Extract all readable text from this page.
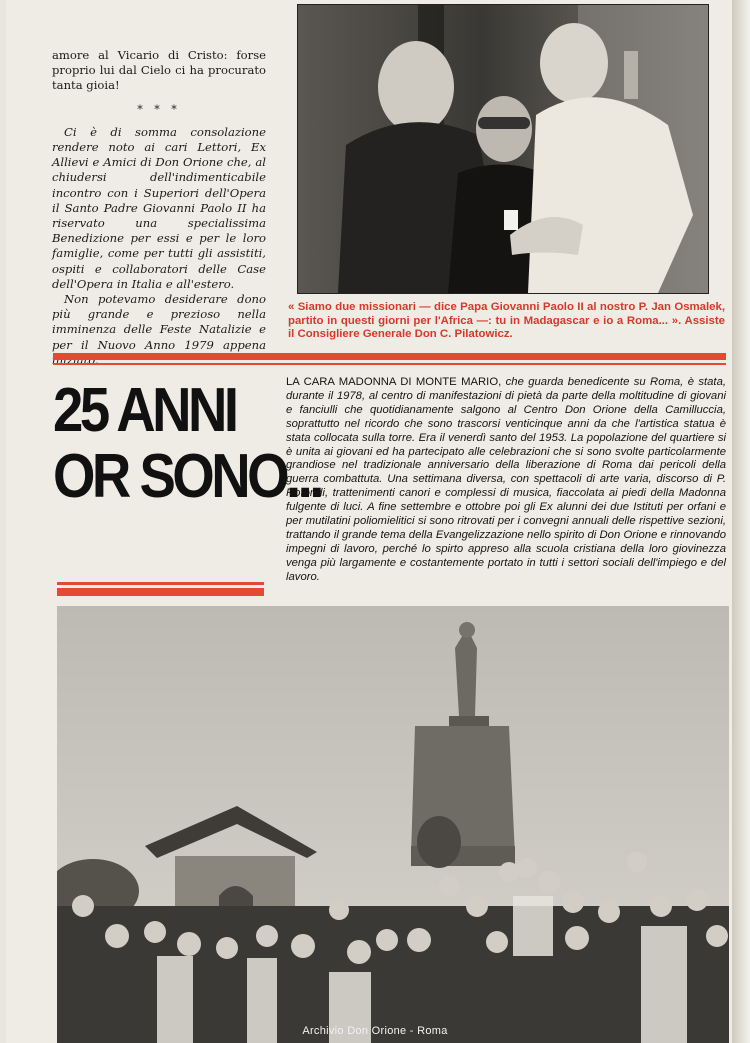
amore al Vicario di Cristo: forse proprio lui dal Cielo ci ha procurato tanta gioia!

* * *

Ci è di somma consolazione rendere noto ai cari Lettori, Ex Allievi e Amici di Don Orione che, al chiudersi dell'indimenticabile incontro con i Superiori dell'Opera il Santo Padre Giovanni Paolo II ha riservato una specialissima Benedizione per essi e per le loro famiglie, come per tutti gli assistiti, ospiti e collaboratori delle Case dell'Opera in Italia e all'estero.

Non potevamo desiderare dono più grande e prezioso nella imminenza delle Feste Natalizie e per il Nuovo Anno 1979 appena

« Siamo due missionari — dice Papa Giovanni Paolo II al nostro P. Jan Osmalek, partito in questi giorni per l'Africa —: tu in Madagascar e io a Roma... ». Assiste il Consigliere Generale Don C. Pilatowicz.
25 ANNI
OR SONO...
LA CARA MADONNA DI MONTE MARIO, che guarda benedicente su Roma, è stata, durante il 1978, al centro di manifestazioni di pietà da parte della moltitudine di giovani e fanciulli che quotidianamente salgono al Centro Don Orione della Camilluccia, soprattutto nel ricordo che sono trascorsi venticinque anni da che l'artistica statua è stata collocata sulla torre. Era il venerdì santo del 1953. La popolazione del quartiere si è unita ai giovani ed ha partecipato alle celebrazioni che si sono svolte particolarmente grandiose nel tradizionale anniversario della liberazione di Roma dai pericoli della guerra combattuta. Una settimana diversa, con spettacoli di arte varia, discorso di P. Rotondi, trattenimenti canori e complessi di musica, fiaccolata ai piedi della Madonna fulgente di luci. A fine settembre e ottobre poi gli Ex alunni dei due Istituti per orfani e per mutilatini poliomielitici si sono ritrovati per i convegni annuali delle rispettive sezioni, trattando il grande tema della Evangelizzazione nello spirito di Don Orione e rinnovando impegni di lavoro, perché lo spirto appreso alla scuola cristiana della loro giovinezza venga più largamente e costantemente portato in tutti i settori sociali dell'impiego e del lavoro.
Archivio Don Orione - Roma
